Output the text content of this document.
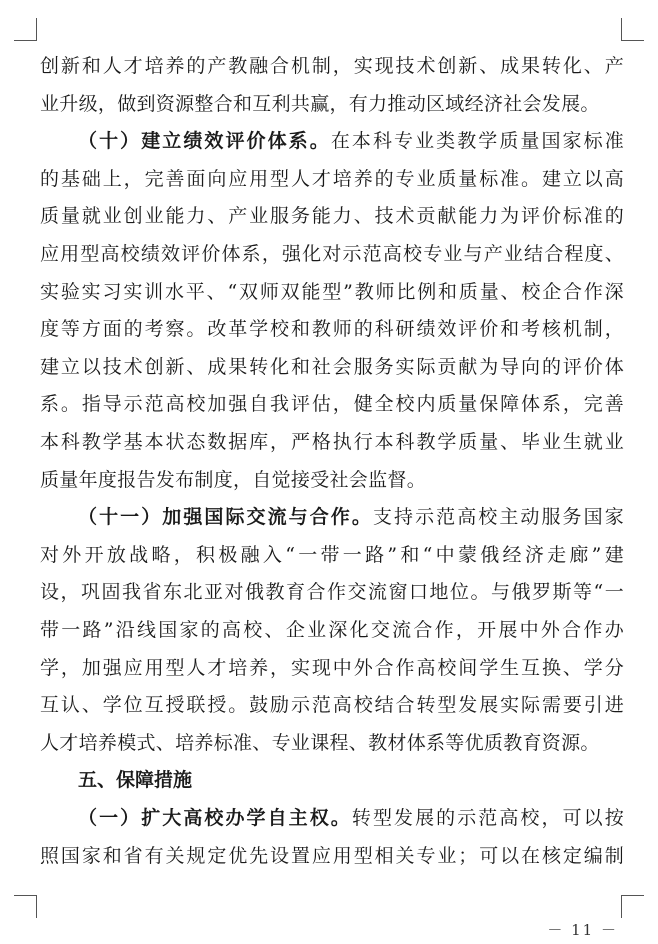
创新和人才培养的产教融合机制，实现技术创新、成果转化、产
业升级，做到资源整合和互利共赢，有力推动区域经济社会发展。
（十）建立绩效评价体系。在本科专业类教学质量国家标准
的基础上，完善面向应用型人才培养的专业质量标准。建立以高
质量就业创业能力、产业服务能力、技术贡献能力为评价标准的
应用型高校绩效评价体系，强化对示范高校专业与产业结合程度、
实验实习实训水平、“双师双能型”教师比例和质量、校企合作深
度等方面的考察。改革学校和教师的科研绩效评价和考核机制，
建立以技术创新、成果转化和社会服务实际贡献为导向的评价体
系。指导示范高校加强自我评估，健全校内质量保障体系，完善
本科教学基本状态数据库，严格执行本科教学质量、毕业生就业
质量年度报告发布制度，自觉接受社会监督。
（十一）加强国际交流与合作。支持示范高校主动服务国家
对外开放战略，积极融入“一带一路”和“中蒙俄经济走廊”建
设，巩固我省东北亚对俄教育合作交流窗口地位。与俄罗斯等“一
带一路”沿线国家的高校、企业深化交流合作，开展中外合作办
学，加强应用型人才培养，实现中外合作高校间学生互换、学分
互认、学位互授联授。鼓励示范高校结合转型发展实际需要引进
人才培养模式、培养标准、专业课程、教材体系等优质教育资源。
五、保障措施
（一）扩大高校办学自主权。转型发展的示范高校，可以按
照国家和省有关规定优先设置应用型相关专业；可以在核定编制
－ 11 －
